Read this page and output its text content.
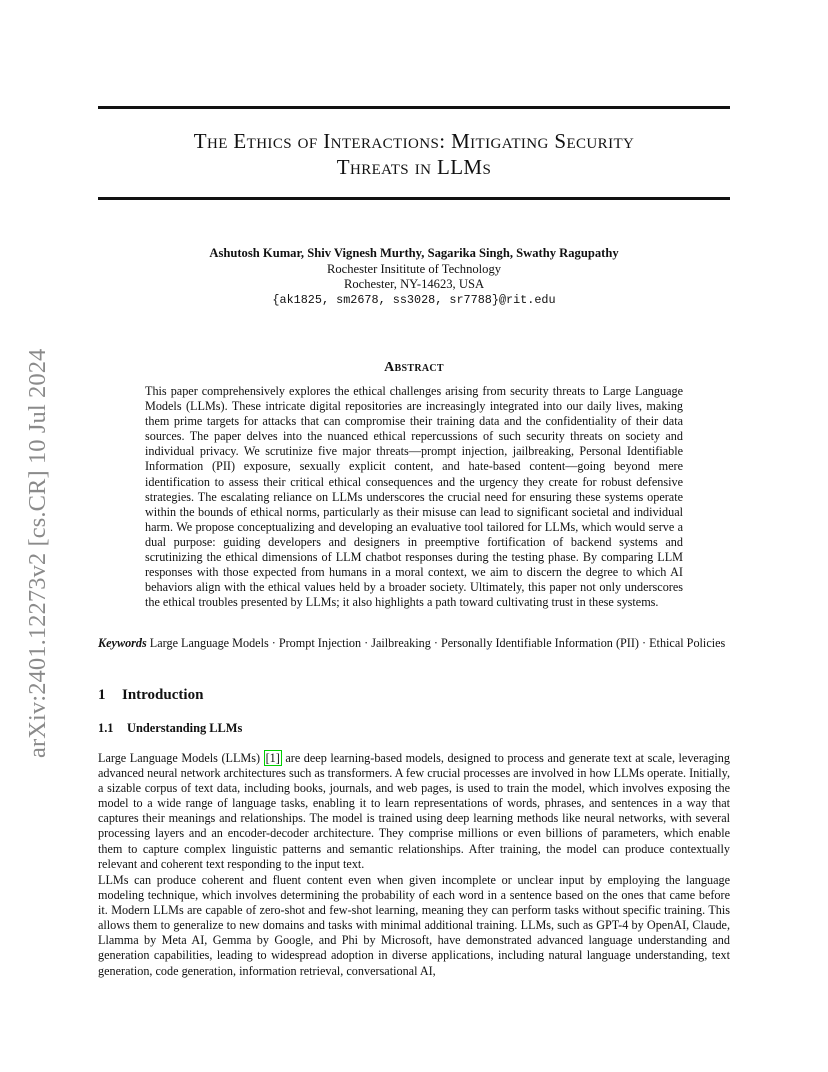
arXiv:2401.12273v2 [cs.CR] 10 Jul 2024
The Ethics of Interactions: Mitigating Security
Threats in LLMs
Ashutosh Kumar, Shiv Vignesh Murthy, Sagarika Singh, Swathy Ragupathy
Rochester Insititute of Technology
Rochester, NY-14623, USA
{ak1825, sm2678, ss3028, sr7788}@rit.edu
Abstract

This paper comprehensively explores the ethical challenges arising from security threats to Large Language Models (LLMs). These intricate digital repositories are increasingly integrated into our daily lives, making them prime targets for attacks that can compromise their training data and the confidentiality of their data sources. The paper delves into the nuanced ethical repercussions of such security threats on society and individual privacy. We scrutinize five major threats—prompt injection, jailbreaking, Personal Identifiable Information (PII) exposure, sexually explicit content, and hate-based content—going beyond mere identification to assess their critical ethical consequences and the urgency they create for robust defensive strategies. The escalating reliance on LLMs underscores the crucial need for ensuring these systems operate within the bounds of ethical norms, particularly as their misuse can lead to significant societal and individual harm. We propose conceptualizing and developing an evaluative tool tailored for LLMs, which would serve a dual purpose: guiding developers and designers in preemptive fortification of backend systems and scrutinizing the ethical dimensions of LLM chatbot responses during the testing phase. By comparing LLM responses with those expected from humans in a moral context, we aim to discern the degree to which AI behaviors align with the ethical values held by a broader society. Ultimately, this paper not only underscores the ethical troubles presented by LLMs; it also highlights a path toward cultivating trust in these systems.

Keywords Large Language Models · Prompt Injection · Jailbreaking · Personally Identifiable Information (PII) · Ethical Policies

1 Introduction
1.1 Understanding LLMs

Large Language Models (LLMs) [1] are deep learning-based models, designed to process and generate text at scale, leveraging advanced neural network architectures such as transformers. A few crucial processes are involved in how LLMs operate. Initially, a sizable corpus of text data, including books, journals, and web pages, is used to train the model, which involves exposing the model to a wide range of language tasks, enabling it to learn representations of words, phrases, and sentences in a way that captures their meanings and relationships. The model is trained using deep learning methods like neural networks, with several processing layers and an encoder-decoder architecture. They comprise millions or even billions of parameters, which enable them to capture complex linguistic patterns and semantic relationships. After training, the model can produce contextually relevant and coherent text responding to the input text.

LLMs can produce coherent and fluent content even when given incomplete or unclear input by employing the language modeling technique, which involves determining the probability of each word in a sentence based on the ones that came before it. Modern LLMs are capable of zero-shot and few-shot learning, meaning they can perform tasks without specific training. This allows them to generalize to new domains and tasks with minimal additional training. LLMs, such as GPT-4 by OpenAI, Claude, Llamma by Meta AI, Gemma by Google, and Phi by Microsoft, have demonstrated advanced language understanding and generation capabilities, leading to widespread adoption in diverse applications, including natural language understanding, text generation, code generation, information retrieval, conversational AI,
